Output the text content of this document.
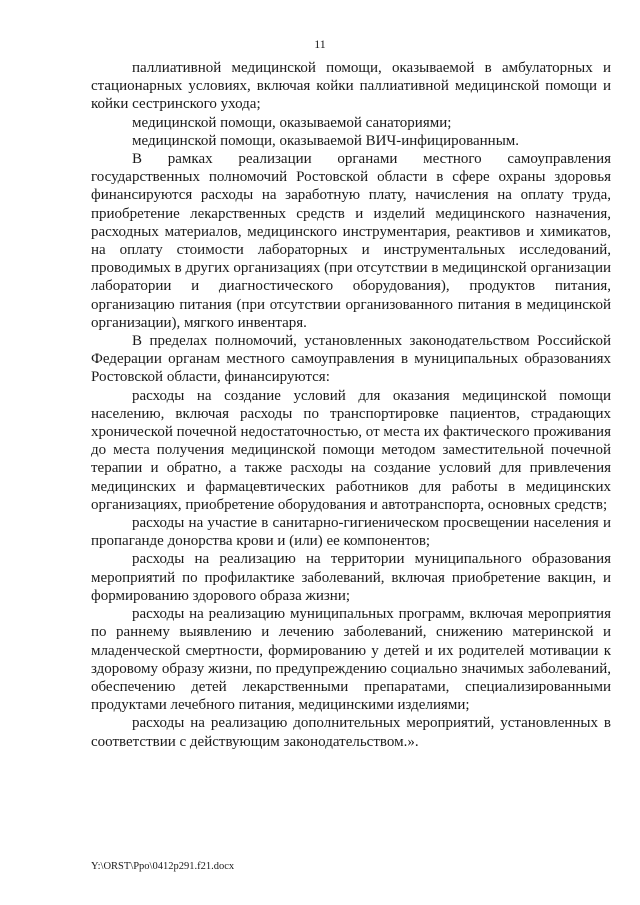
11

паллиативной медицинской помощи, оказываемой в амбулаторных и стационарных условиях, включая койки паллиативной медицинской помощи и койки сестринского ухода;

медицинской помощи, оказываемой санаториями;

медицинской помощи, оказываемой ВИЧ-инфицированным.

В рамках реализации органами местного самоуправления государственных полномочий Ростовской области в сфере охраны здоровья финансируются расходы на заработную плату, начисления на оплату труда, приобретение лекарственных средств и изделий медицинского назначения, расходных материалов, медицинского инструментария, реактивов и химикатов, на оплату стоимости лабораторных и инструментальных исследований, проводимых в других организациях (при отсутствии в медицинской организации лаборатории и диагностического оборудования), продуктов питания, организацию питания (при отсутствии организованного питания в медицинской организации), мягкого инвентаря.

В пределах полномочий, установленных законодательством Российской Федерации органам местного самоуправления в муниципальных образованиях Ростовской области, финансируются:

расходы на создание условий для оказания медицинской помощи населению, включая расходы по транспортировке пациентов, страдающих хронической почечной недостаточностью, от места их фактического проживания до места получения медицинской помощи методом заместительной почечной терапии и обратно, а также расходы на создание условий для привлечения медицинских и фармацевтических работников для работы в медицинских организациях, приобретение оборудования и автотранспорта, основных средств;

расходы на участие в санитарно-гигиеническом просвещении населения и пропаганде донорства крови и (или) ее компонентов;

расходы на реализацию на территории муниципального образования мероприятий по профилактике заболеваний, включая приобретение вакцин, и формированию здорового образа жизни;

расходы на реализацию муниципальных программ, включая мероприятия по раннему выявлению и лечению заболеваний, снижению материнской и младенческой смертности, формированию у детей и их родителей мотивации к здоровому образу жизни, по предупреждению социально значимых заболеваний, обеспечению детей лекарственными препаратами, специализированными продуктами лечебного питания, медицинскими изделиями;

расходы на реализацию дополнительных мероприятий, установленных в соответствии с действующим законодательством.».

Y:\ORST\Ppo\0412p291.f21.docx
